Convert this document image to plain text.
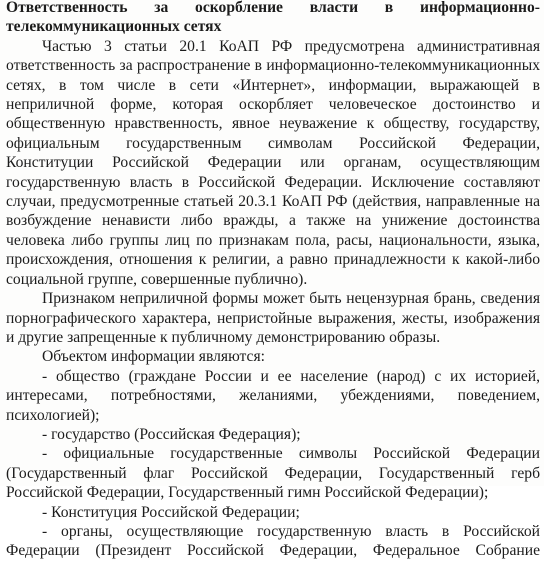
Ответственность за оскорбление власти в информационно-
телекоммуникационных сетях

Частью 3 статьи 20.1 КоАП РФ предусмотрена административная ответственность за распространение в информационно-телекоммуникационных сетях, в том числе в сети «Интернет», информации, выражающей в неприличной форме, которая оскорбляет человеческое достоинство и общественную нравственность, явное неуважение к обществу, государству, официальным государственным символам Российской Федерации, Конституции Российской Федерации или органам, осуществляющим государственную власть в Российской Федерации. Исключение составляют случаи, предусмотренные статьей 20.3.1 КоАП РФ (действия, направленные на возбуждение ненависти либо вражды, а также на унижение достоинства человека либо группы лиц по признакам пола, расы, национальности, языка, происхождения, отношения к религии, а равно принадлежности к какой-либо социальной группе, совершенные публично).

Признаком неприличной формы может быть нецензурная брань, сведения порнографического характера, непристойные выражения, жесты, изображения и другие запрещенные к публичному демонстрированию образы.

Объектом информации являются:

- общество (граждане России и ее население (народ) с их историей, интересами, потребностями, желаниями, убеждениями, поведением, психологией);

- государство (Российская Федерация);

- официальные государственные символы Российской Федерации (Государственный флаг Российской Федерации, Государственный герб Российской Федерации, Государственный гимн Российской Федерации);

- Конституция Российской Федерации;

- органы, осуществляющие государственную власть в Российской Федерации (Президент Российской Федерации, Федеральное Собрание
